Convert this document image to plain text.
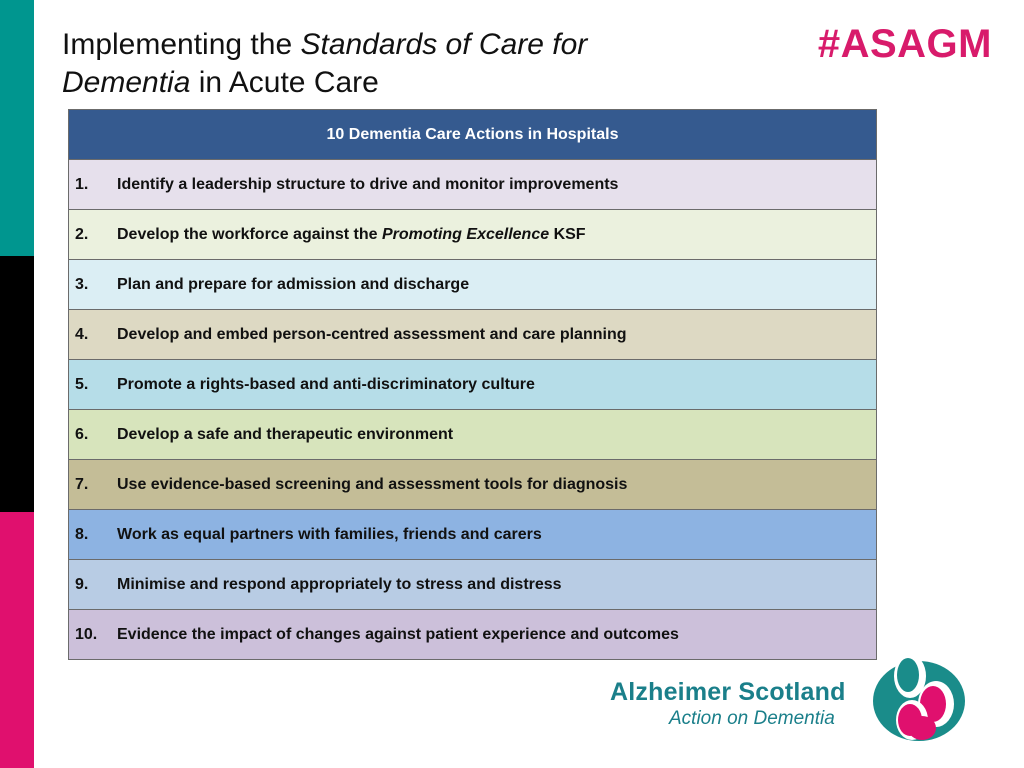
Implementing the Standards of Care for
Dementia in Acute Care
#ASAGM
10 Dementia Care Actions in Hospitals
1. Identify a leadership structure to drive and monitor improvements
2. Develop the workforce against the Promoting Excellence KSF
3. Plan and prepare for admission and discharge
4. Develop and embed person-centred assessment and care planning
5. Promote a rights-based and anti-discriminatory culture
6. Develop a safe and therapeutic environment
7. Use evidence-based screening and assessment tools for diagnosis
8. Work as equal partners with families, friends and carers
9. Minimise and respond appropriately to stress and distress
10. Evidence the impact of changes against patient experience and outcomes
Alzheimer Scotland
Action on Dementia
